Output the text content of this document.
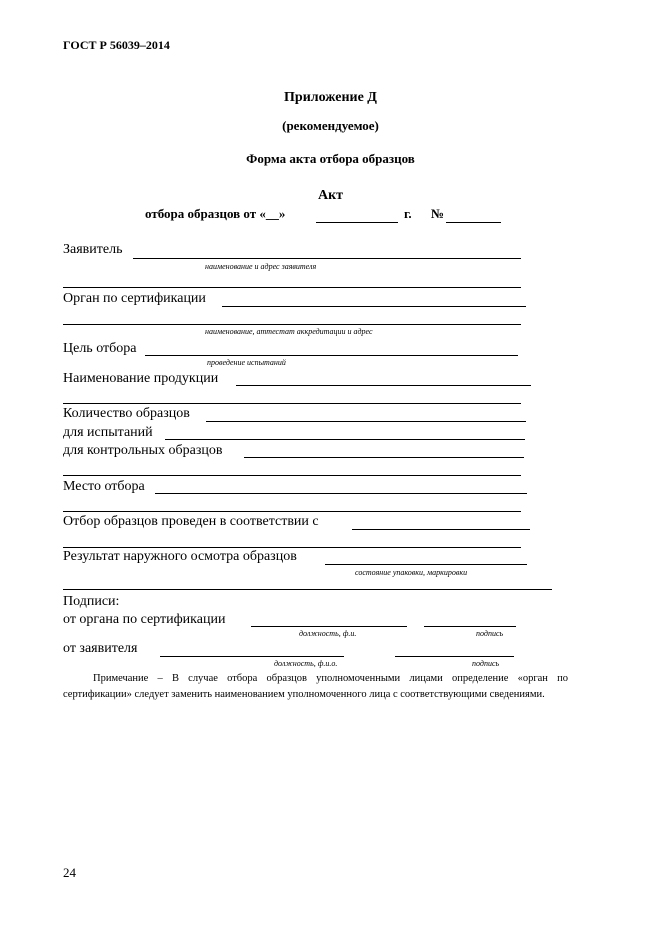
ГОСТ Р 56039–2014
Приложение Д
(рекомендуемое)
Форма акта отбора образцов
Акт
отбора образцов от «__»	г. №
Заявитель
наименование и адрес заявителя
Орган по сертификации
наименование, аттестат аккредитации и адрес
Цель отбора
проведение испытаний
Наименование продукции
Количество образцов
для испытаний
для контрольных образцов
Место отбора
Отбор образцов проведен в соответствии с
Результат наружного осмотра образцов
состояние упаковки, маркировки
Подписи:
от органа по сертификации
должность, ф.и.	подпись
от заявителя
должность, ф.и.о.	подпись
Примечание – В случае отбора образцов уполномоченными лицами определение «орган по сертификации» следует заменить наименованием уполномоченного лица с соответствующими сведениями.
24
